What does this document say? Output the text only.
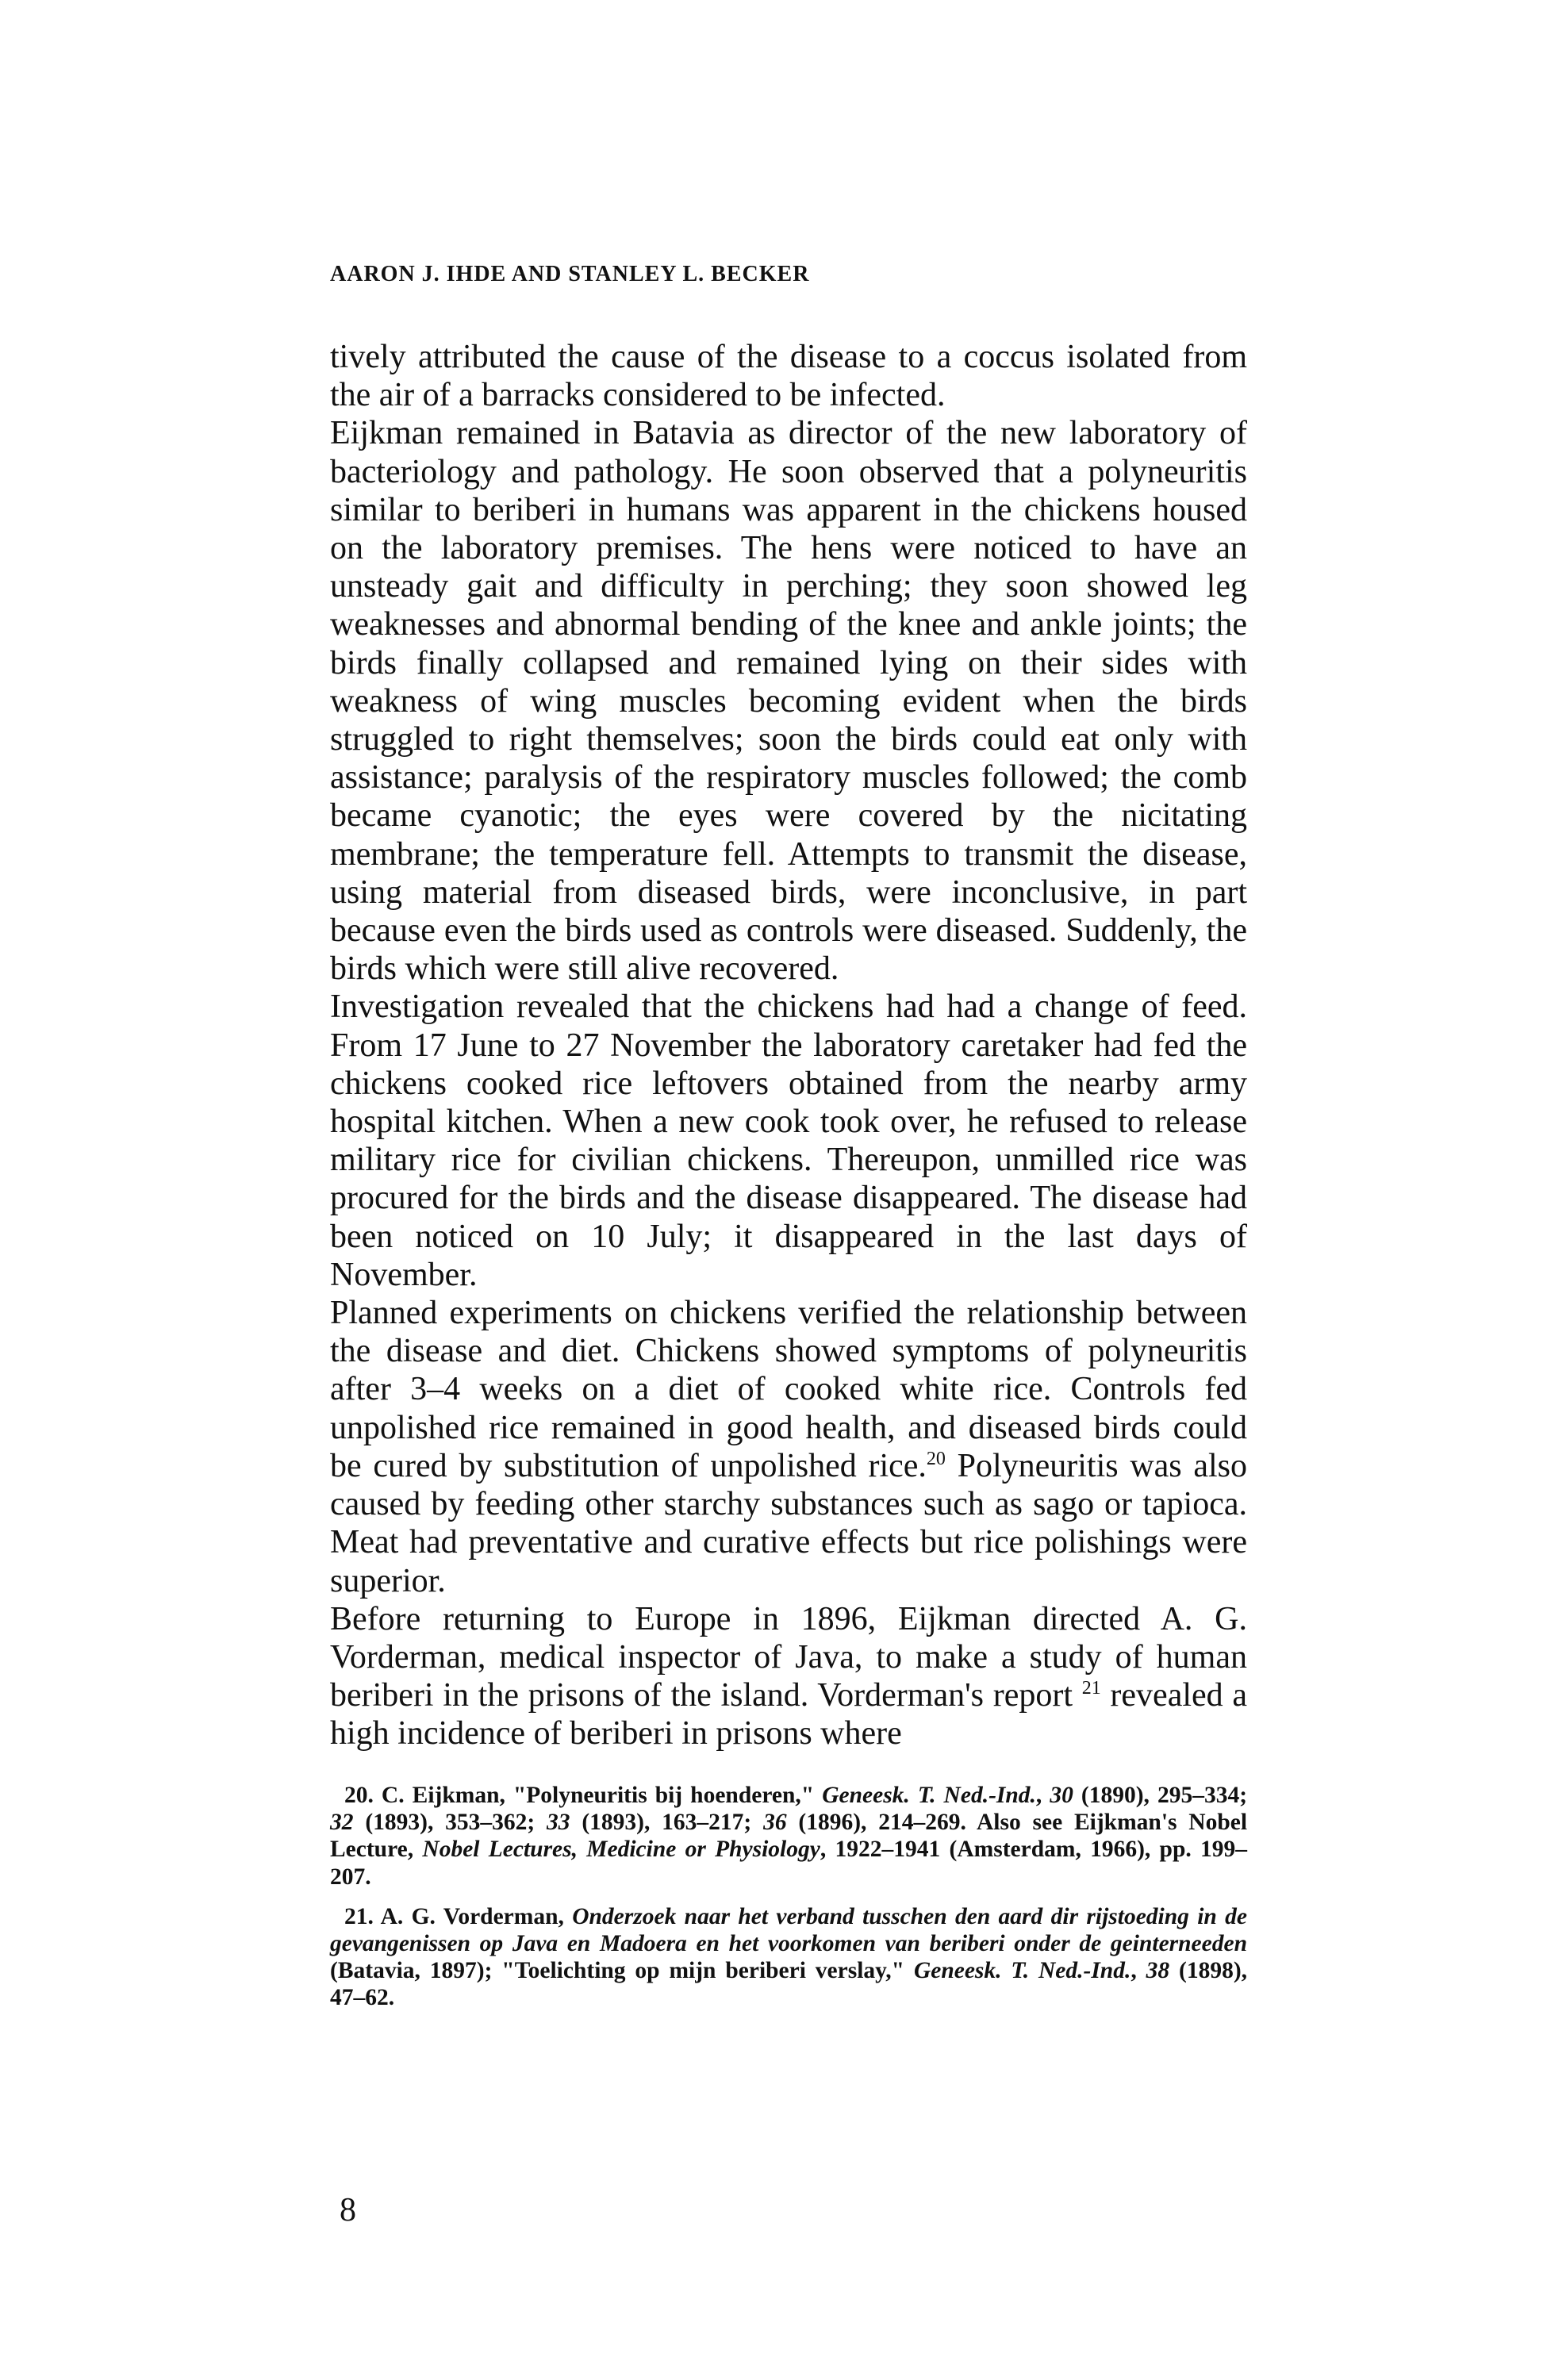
AARON J. IHDE AND STANLEY L. BECKER

tively attributed the cause of the disease to a coccus isolated from the air of a barracks considered to be infected.

Eijkman remained in Batavia as director of the new laboratory of bacteriology and pathology. He soon observed that a polyneuritis similar to beriberi in humans was apparent in the chickens housed on the laboratory premises. The hens were noticed to have an unsteady gait and difficulty in perching; they soon showed leg weaknesses and abnormal bending of the knee and ankle joints; the birds finally collapsed and remained lying on their sides with weakness of wing muscles becoming evident when the birds struggled to right themselves; soon the birds could eat only with assistance; paralysis of the respiratory muscles followed; the comb became cyanotic; the eyes were covered by the nicitating membrane; the temperature fell. Attempts to transmit the disease, using material from diseased birds, were inconclusive, in part because even the birds used as controls were diseased. Suddenly, the birds which were still alive recovered.

Investigation revealed that the chickens had had a change of feed. From 17 June to 27 November the laboratory caretaker had fed the chickens cooked rice leftovers obtained from the nearby army hospital kitchen. When a new cook took over, he refused to release military rice for civilian chickens. Thereupon, unmilled rice was procured for the birds and the disease disappeared. The disease had been noticed on 10 July; it disappeared in the last days of November.

Planned experiments on chickens verified the relationship between the disease and diet. Chickens showed symptoms of polyneuritis after 3–4 weeks on a diet of cooked white rice. Controls fed unpolished rice remained in good health, and diseased birds could be cured by substitution of unpolished rice.$^{20}$ Polyneuritis was also caused by feeding other starchy substances such as sago or tapioca. Meat had preventative and curative effects but rice polishings were superior.

Before returning to Europe in 1896, Eijkman directed A. G. Vorderman, medical inspector of Java, to make a study of human beriberi in the prisons of the island. Vorderman's report $^{21}$ revealed a high incidence of beriberi in prisons where

20. C. Eijkman, "Polyneuritis bij hoenderen," Geneesk. T. Ned.-Ind., 30 (1890), 295–334; 32 (1893), 353–362; 33 (1893), 163–217; 36 (1896), 214–269. Also see Eijkman's Nobel Lecture, Nobel Lectures, Medicine or Physiology, 1922–1941 (Amsterdam, 1966), pp. 199–207.

21. A. G. Vorderman, Onderzoek naar het verband tusschen den aard dir rijstoeding in de gevangenissen op Java en Madoera en het voorkomen van beriberi onder de geinterneeden (Batavia, 1897); "Toelichting op mijn beriberi verslay," Geneesk. T. Ned.-Ind., 38 (1898), 47–62.

8
